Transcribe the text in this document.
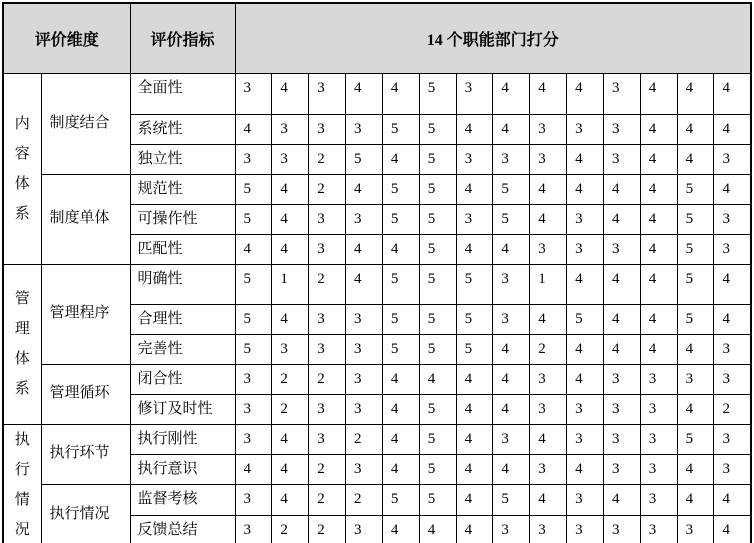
评价维度		评价指标	14 个职能部门打分													
内容体系	制度结合	全面性	3	4	3	4	4	5	3	4	4	4	3	4	4	4
		系统性	4	3	3	3	5	5	4	4	3	3	3	4	4	4
		独立性	3	3	2	5	4	5	3	3	3	4	3	4	4	3
	制度单体	规范性	5	4	2	4	5	5	4	5	4	4	4	4	5	4
		可操作性	5	4	3	3	5	5	3	5	4	3	4	4	5	3
		匹配性	4	4	3	4	4	5	4	4	3	3	3	4	5	3
管理体系	管理程序	明确性	5	1	2	4	5	5	5	3	1	4	4	4	5	4
		合理性	5	4	3	3	5	5	5	3	4	5	4	4	5	4
		完善性	5	3	3	3	5	5	5	4	2	4	4	4	4	3
	管理循环	闭合性	3	2	2	3	4	4	4	4	3	4	3	3	3	3
		修订及时性	3	2	3	3	4	5	4	4	3	3	3	3	4	2
执行情况	执行环节	执行刚性	3	4	3	2	4	5	4	3	4	3	3	3	5	3
		执行意识	4	4	2	3	4	5	4	4	3	4	3	3	4	3
	执行情况	监督考核	3	4	2	2	5	5	4	5	4	3	4	3	4	4
		反馈总结	3	2	2	3	4	4	4	3	3	3	3	3	3	4
